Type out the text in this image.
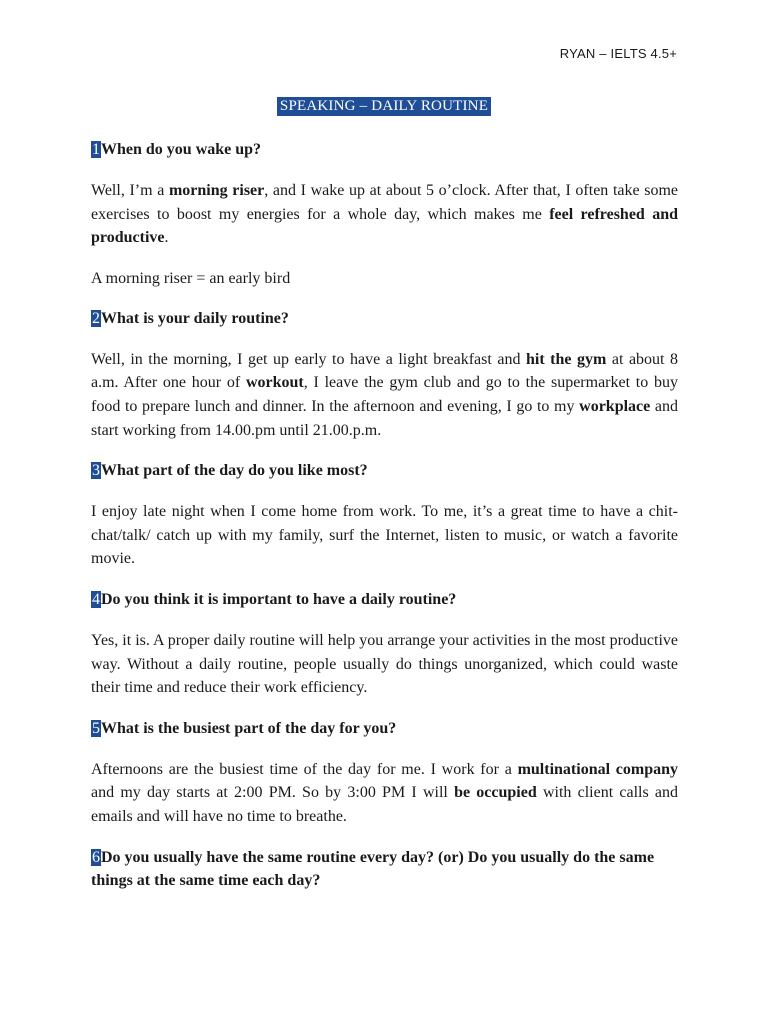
RYAN – IELTS 4.5+
SPEAKING – DAILY ROUTINE
1When do you wake up?
Well, I’m a morning riser, and I wake up at about 5 o’clock. After that, I often take some exercises to boost my energies for a whole day, which makes me feel refreshed and productive.
A morning riser = an early bird
2What is your daily routine?
Well, in the morning, I get up early to have a light breakfast and hit the gym at about 8 a.m. After one hour of workout, I leave the gym club and go to the supermarket to buy food to prepare lunch and dinner. In the afternoon and evening, I go to my workplace and start working from 14.00.pm until 21.00.p.m.
3What part of the day do you like most?
I enjoy late night when I come home from work. To me, it’s a great time to have a chit-chat/talk/ catch up with my family, surf the Internet, listen to music, or watch a favorite movie.
4Do you think it is important to have a daily routine?
Yes, it is. A proper daily routine will help you arrange your activities in the most productive way. Without a daily routine, people usually do things unorganized, which could waste their time and reduce their work efficiency.
5What is the busiest part of the day for you?
Afternoons are the busiest time of the day for me. I work for a multinational company and my day starts at 2:00 PM. So by 3:00 PM I will be occupied with client calls and emails and will have no time to breathe.
6Do you usually have the same routine every day? (or) Do you usually do the same things at the same time each day?
